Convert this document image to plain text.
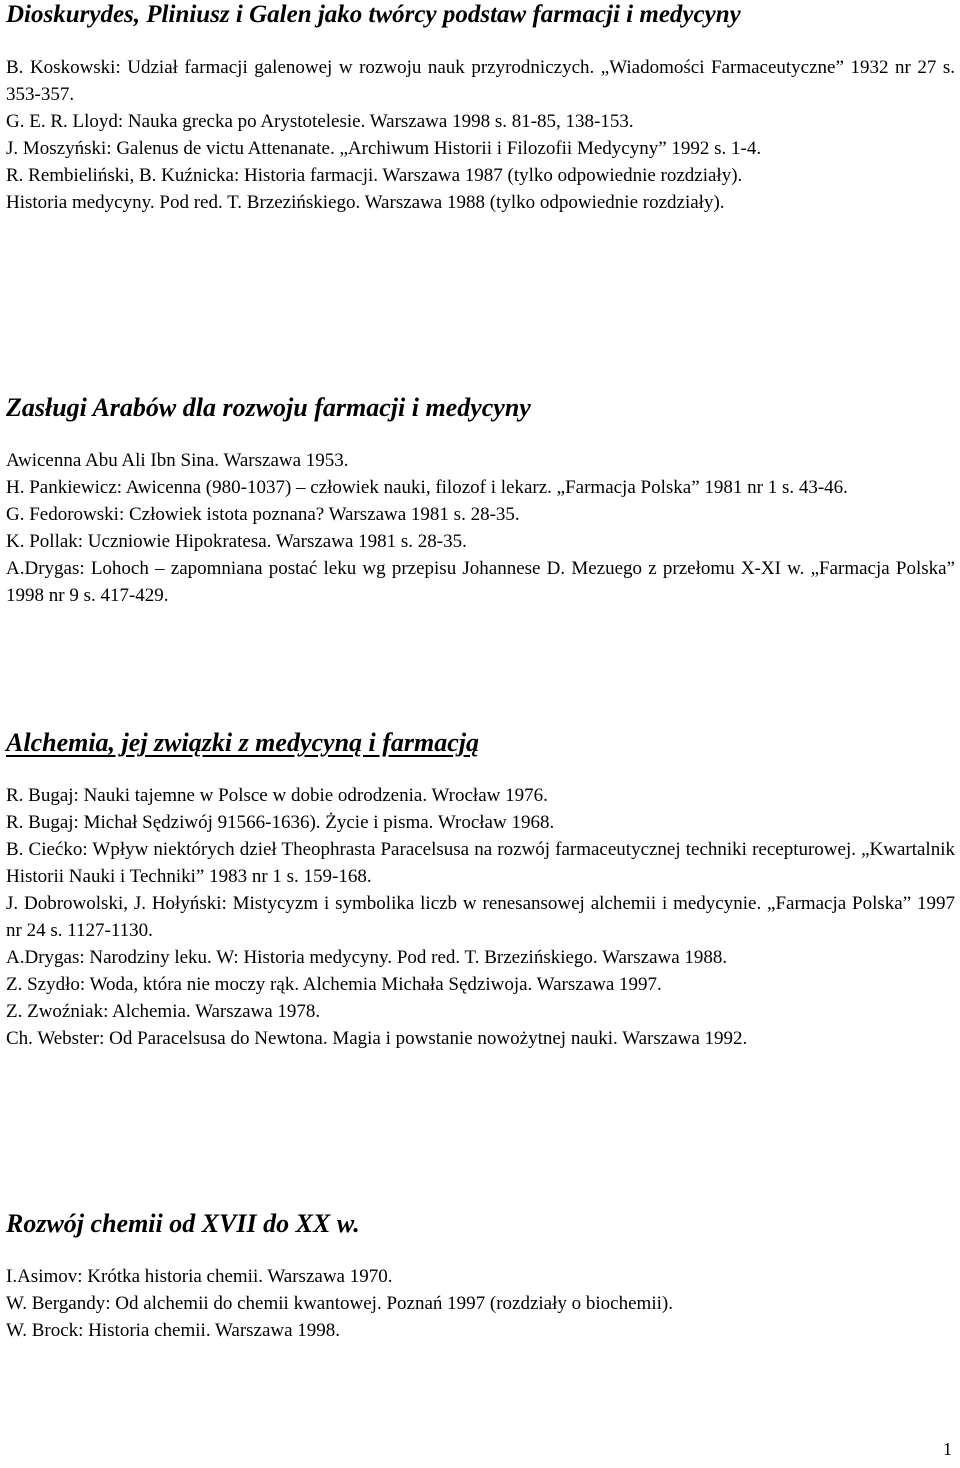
Dioskurydes, Pliniusz i Galen jako twórcy podstaw farmacji i medycyny

B. Koskowski: Udział farmacji galenowej w rozwoju nauk przyrodniczych. „Wiadomości Farmaceutyczne” 1932 nr 27 s. 353-357.

G. E. R. Lloyd: Nauka grecka po Arystotelesie. Warszawa 1998 s. 81-85, 138-153.

J. Moszyński: Galenus de victu Attenanate. „Archiwum Historii i Filozofii Medycyny” 1992 s. 1-4.

R. Rembieliński, B. Kuźnicka: Historia farmacji. Warszawa 1987 (tylko odpowiednie rozdziały).

Historia medycyny. Pod red. T. Brzezińskiego. Warszawa 1988 (tylko odpowiednie rozdziały).

Zasługi Arabów dla rozwoju farmacji i medycyny

Awicenna Abu Ali Ibn Sina. Warszawa 1953.

H. Pankiewicz: Awicenna (980-1037) – człowiek nauki, filozof i lekarz. „Farmacja Polska” 1981 nr 1 s. 43-46.

G. Fedorowski: Człowiek istota poznana? Warszawa 1981 s. 28-35.

K. Pollak: Uczniowie Hipokratesa. Warszawa 1981 s. 28-35.

A.Drygas: Lohoch – zapomniana postać leku wg przepisu Johannese D. Mezuego z przełomu X-XI w. „Farmacja Polska” 1998 nr 9 s. 417-429.

Alchemia, jej związki z medycyną i farmacją

R. Bugaj: Nauki tajemne w Polsce w dobie odrodzenia. Wrocław 1976.

R. Bugaj: Michał Sędziwój 91566-1636). Życie i pisma. Wrocław 1968.

B. Ciećko: Wpływ niektórych dzieł Theophrasta Paracelsusa na rozwój farmaceutycznej techniki recepturowej. „Kwartalnik Historii Nauki i Techniki” 1983 nr 1 s. 159-168.

J. Dobrowolski, J. Hołyński: Mistycyzm i symbolika liczb w renesansowej alchemii i medycynie. „Farmacja Polska” 1997 nr 24 s. 1127-1130.

A.Drygas: Narodziny leku. W: Historia medycyny. Pod red. T. Brzezińskiego. Warszawa 1988.

Z. Szydło: Woda, która nie moczy rąk. Alchemia Michała Sędziwoja. Warszawa 1997.

Z. Zwoźniak: Alchemia. Warszawa 1978.

Ch. Webster: Od Paracelsusa do Newtona. Magia i powstanie nowożytnej nauki. Warszawa 1992.

Rozwój chemii od XVII do XX w.

I.Asimov: Krótka historia chemii. Warszawa 1970.

W. Bergandy: Od alchemii do chemii kwantowej. Poznań 1997 (rozdziały o biochemii).

W. Brock: Historia chemii. Warszawa 1998.

1
